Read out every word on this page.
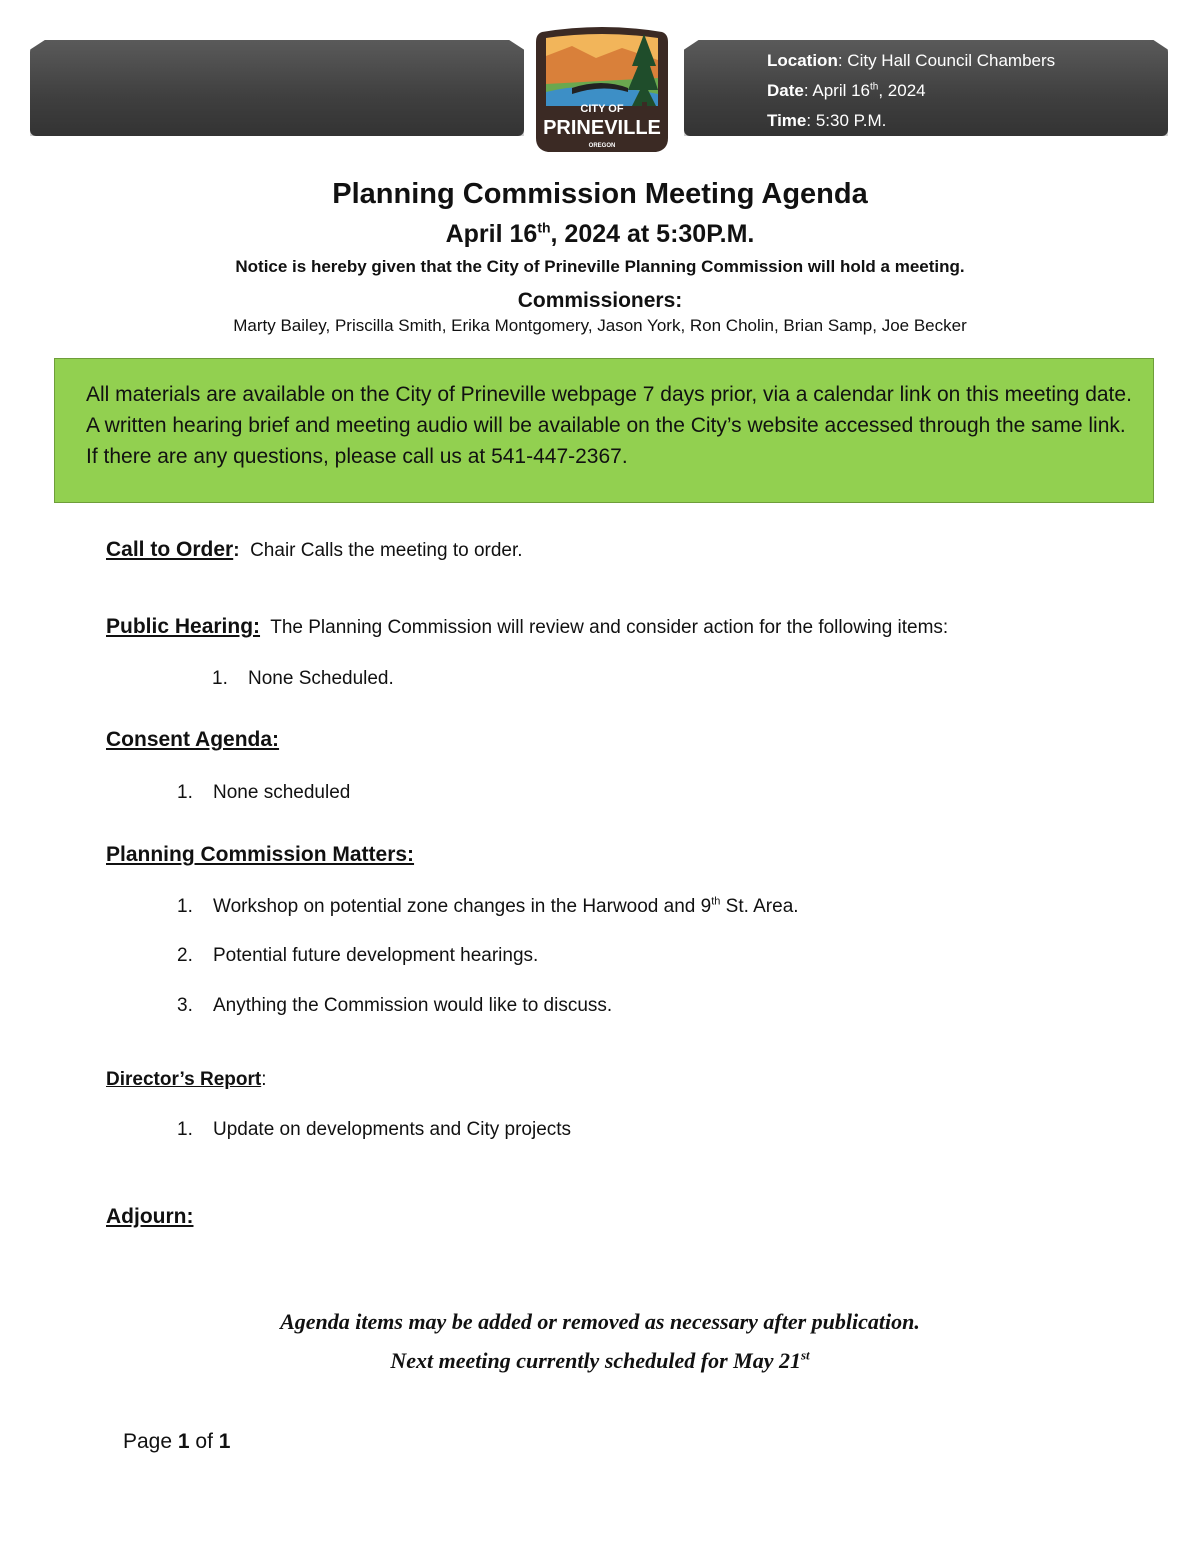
Location: City Hall Council Chambers
Date: April 16th, 2024
Time: 5:30 P.M.
CITY OF
PRINEVILLE
OREGON
Planning Commission Meeting Agenda
April 16th, 2024 at 5:30P.M.
Notice is hereby given that the City of Prineville Planning Commission will hold a meeting.
Commissioners:
Marty Bailey, Priscilla Smith, Erika Montgomery, Jason York, Ron Cholin, Brian Samp, Joe Becker

All materials are available on the City of Prineville webpage 7 days prior, via a calendar link on this meeting date. A written hearing brief and meeting audio will be available on the City’s website accessed through the same link. If there are any questions, please call us at 541-447-2367.

Call to Order:  Chair Calls the meeting to order.
Public Hearing:  The Planning Commission will review and consider action for the following items:
1. None Scheduled.
Consent Agenda:
1. None scheduled
Planning Commission Matters:
1. Workshop on potential zone changes in the Harwood and 9th St. Area.
2. Potential future development hearings.
3. Anything the Commission would like to discuss.
Director’s Report:
1. Update on developments and City projects
Adjourn:
Agenda items may be added or removed as necessary after publication.
Next meeting currently scheduled for May 21st
Page 1 of 1
